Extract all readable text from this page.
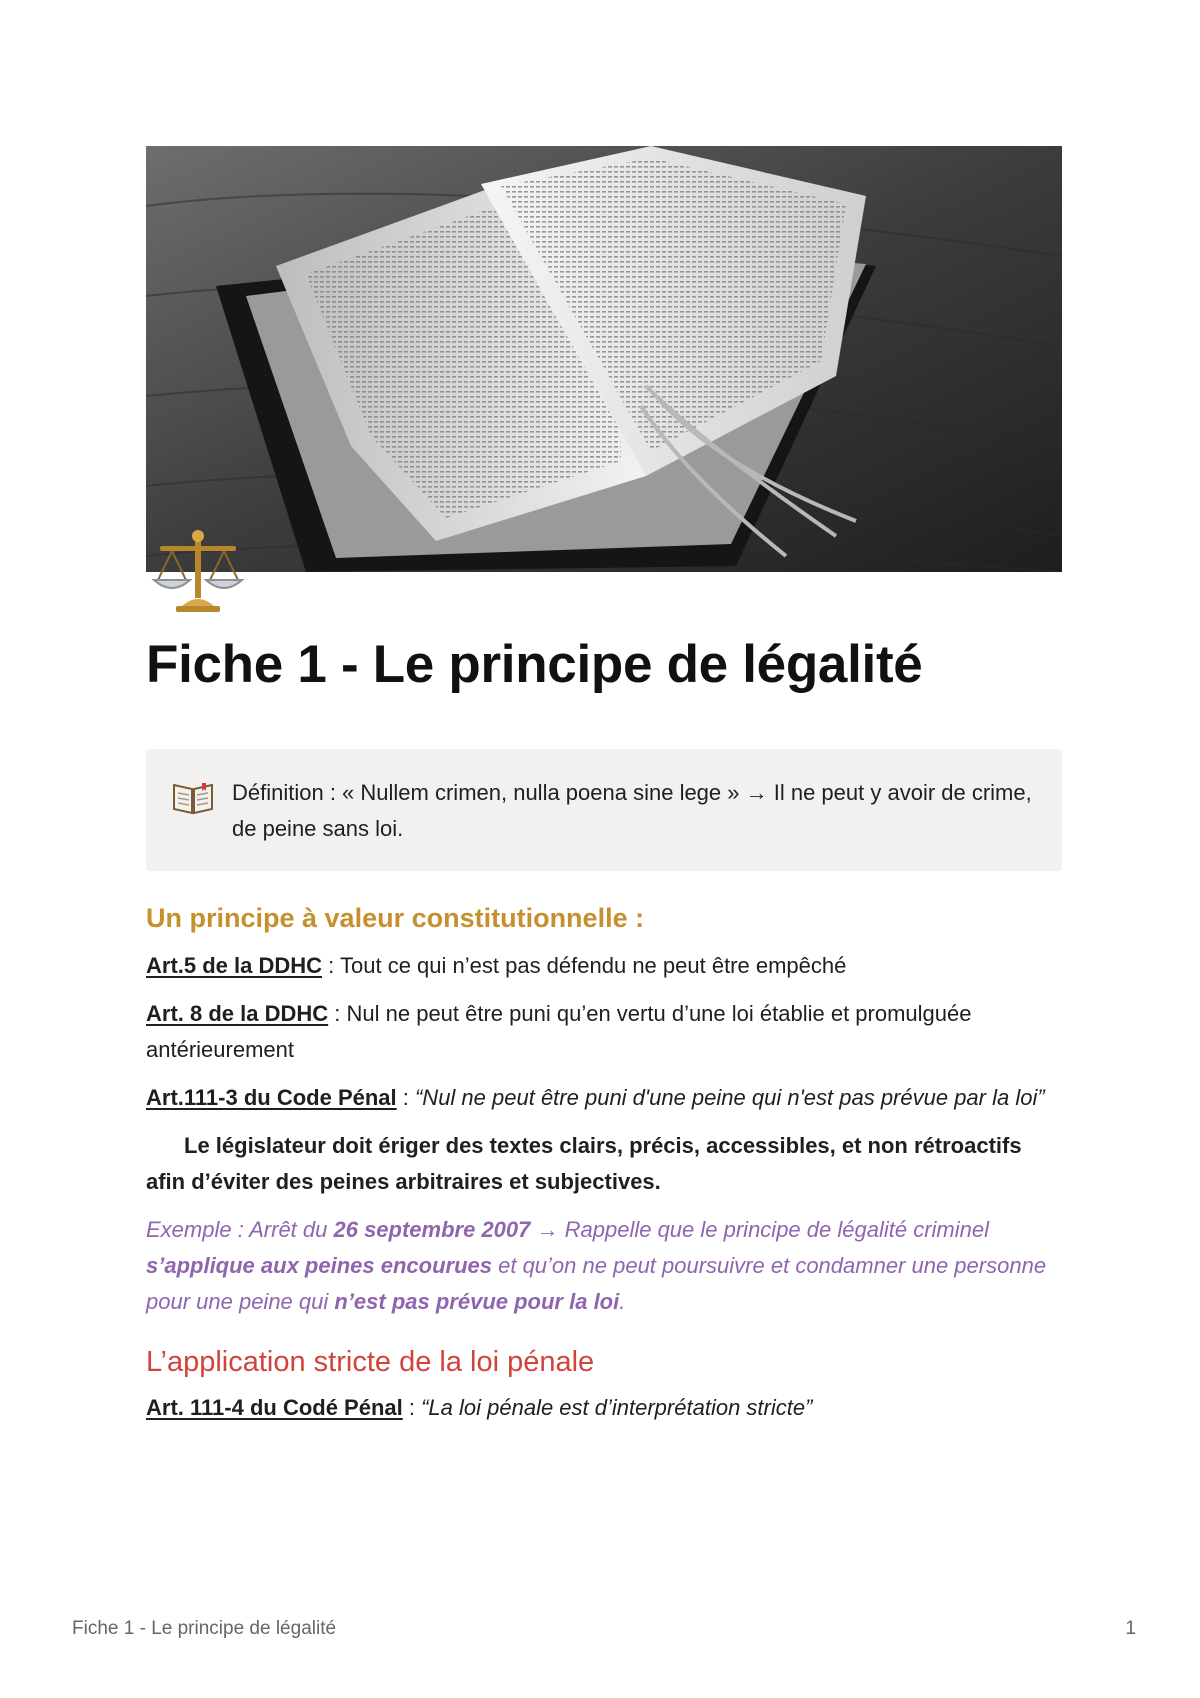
Fiche 1 - Le principe de légalité
Définition : « Nullem crimen, nulla poena sine lege » → Il ne peut y avoir de crime, de peine sans loi.
Un principe à valeur constitutionnelle :

Art.5 de la DDHC : Tout ce qui n’est pas défendu ne peut être empêché

Art. 8 de la DDHC : Nul ne peut être puni qu’en vertu d’une loi établie et promulguée antérieurement

Art.111-3 du Code Pénal : “Nul ne peut être puni d'une peine qui n'est pas prévue par la loi”

Le législateur doit ériger des textes clairs, précis, accessibles, et non rétroactifs afin d’éviter des peines arbitraires et subjectives.

Exemple : Arrêt du 26 septembre 2007 → Rappelle que le principe de légalité criminel s’applique aux peines encourues et qu’on ne peut poursuivre et condamner une personne pour une peine qui n’est pas prévue pour la loi.

L’application stricte de la loi pénale

Art. 111-4 du Codé Pénal : “La loi pénale est d’interprétation stricte”

Fiche 1 - Le principe de légalité	1
